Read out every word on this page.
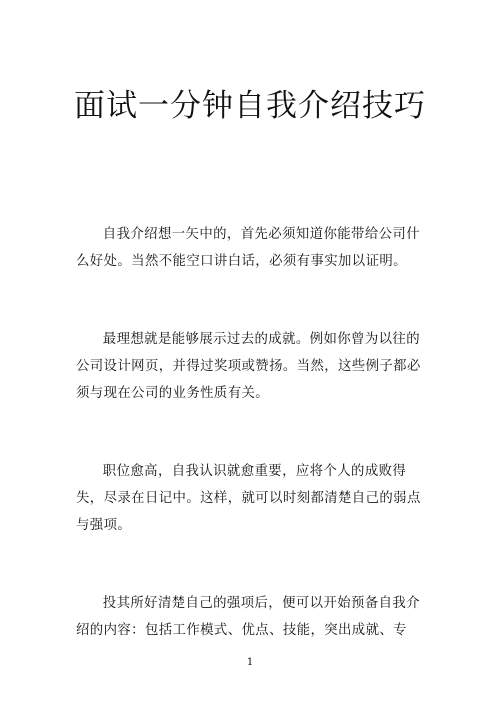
面试一分钟自我介绍技巧

自我介绍想一矢中的，首先必须知道你能带给公司什么好处。当然不能空口讲白话，必须有事实加以证明。

最理想就是能够展示过去的成就。例如你曾为以往的公司设计网页，并得过奖项或赞扬。当然，这些例子都必须与现在公司的业务性质有关。

职位愈高，自我认识就愈重要，应将个人的成败得失，尽录在日记中。这样，就可以时刻都清楚自己的弱点与强项。

投其所好清楚自己的强项后，便可以开始预备自我介绍的内容：包括工作模式、优点、技能，突出成就、专

1
